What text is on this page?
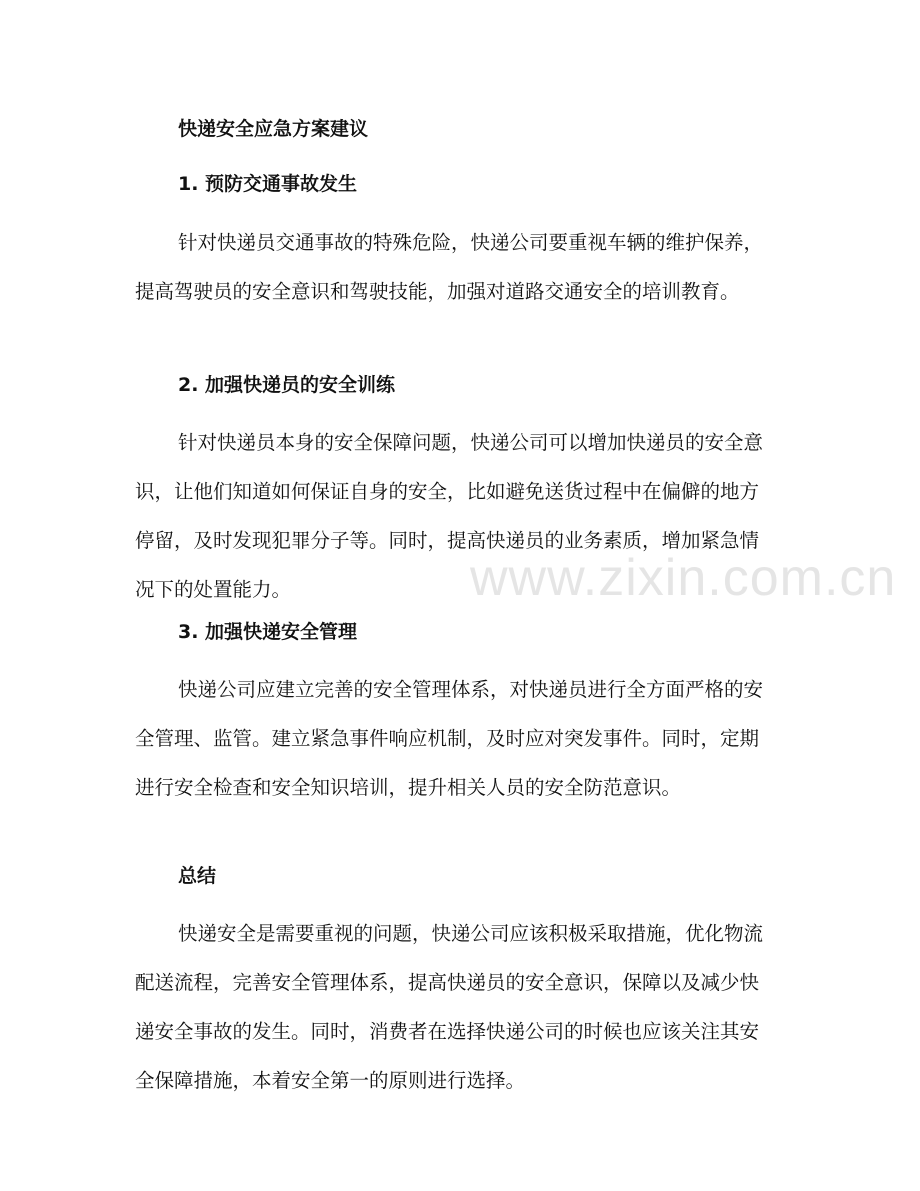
快递安全应急方案建议
1. 预防交通事故发生
针对快递员交通事故的特殊危险，快递公司要重视车辆的维护保养，提高驾驶员的安全意识和驾驶技能，加强对道路交通安全的培训教育。
2. 加强快递员的安全训练
针对快递员本身的安全保障问题，快递公司可以增加快递员的安全意识，让他们知道如何保证自身的安全，比如避免送货过程中在偏僻的地方停留，及时发现犯罪分子等。同时，提高快递员的业务素质，增加紧急情况下的处置能力。
3. 加强快递安全管理
快递公司应建立完善的安全管理体系，对快递员进行全方面严格的安全管理、监管。建立紧急事件响应机制，及时应对突发事件。同时，定期进行安全检查和安全知识培训，提升相关人员的安全防范意识。
总结
快递安全是需要重视的问题，快递公司应该积极采取措施，优化物流配送流程，完善安全管理体系，提高快递员的安全意识，保障以及减少快递安全事故的发生。同时，消费者在选择快递公司的时候也应该关注其安全保障措施，本着安全第一的原则进行选择。
www.zixin.com.cn
